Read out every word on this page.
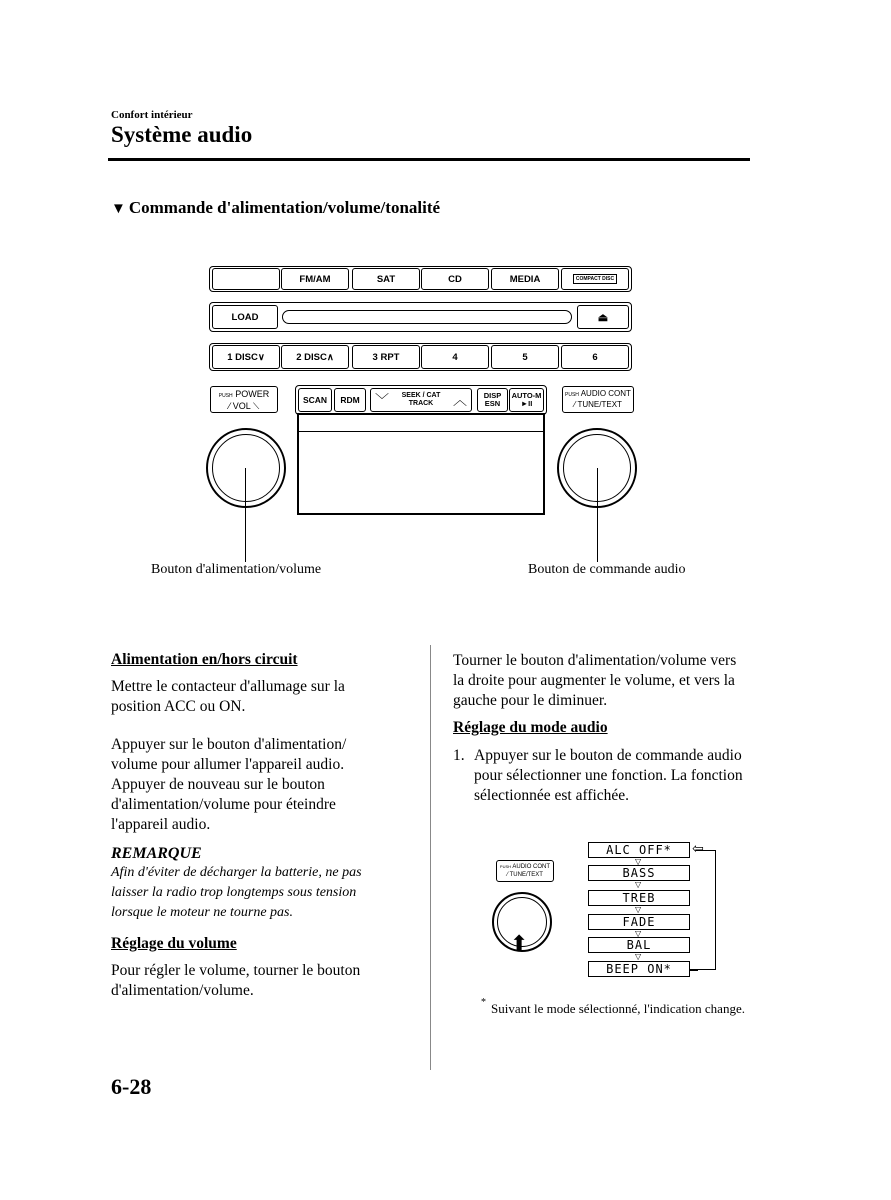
Confort intérieur
Système audio
▼ Commande d'alimentation/volume/tonalité
FM/AM	SAT	CD	MEDIA	COMPACT DISC
LOAD	⏏
1 DISC∨	2 DISC∧	3 RPT	4	5	6
PUSH POWER
⁄ VOL ⟍
SCAN	RDM	﹀ SEEK / CAT
TRACK	︿ DISP
ESN
AUTO-M
►II
PUSH AUDIO CONT
⁄ TUNE/TEXT
Bouton d'alimentation/volume	Bouton de commande audio
Alimentation en/hors circuit
Mettre le contacteur d'allumage sur la position ACC ou ON.
Appuyer sur le bouton d'alimentation/ volume pour allumer l'appareil audio. Appuyer de nouveau sur le bouton d'alimentation/volume pour éteindre l'appareil audio.
REMARQUE
Afin d'éviter de décharger la batterie, ne pas laisser la radio trop longtemps sous tension lorsque le moteur ne tourne pas.
Réglage du volume
Pour régler le volume, tourner le bouton d'alimentation/volume.
Tourner le bouton d'alimentation/volume vers la droite pour augmenter le volume, et vers la gauche pour le diminuer.
Réglage du mode audio
1. Appuyer sur le bouton de commande audio pour sélectionner une fonction. La fonction sélectionnée est affichée.
PUSH AUDIO CONT
⁄ TUNE/TEXT
⬆
ALC OFF*
▽
BASS
▽
TREB
▽
FADE
▽
BAL
▽
BEEP ON*
⇦
* Suivant le mode sélectionné, l'indication change.
6-28
